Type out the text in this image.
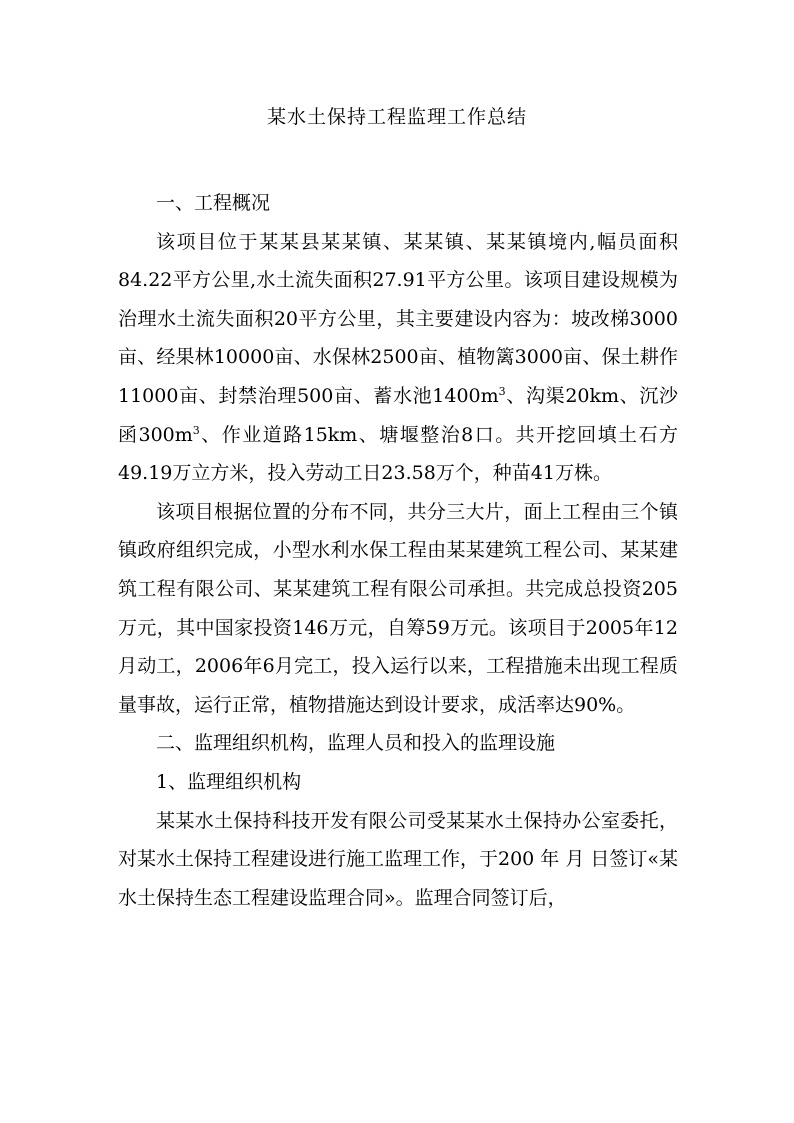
某水土保持工程监理工作总结

一、工程概况

该项目位于某某县某某镇、某某镇、某某镇境内,幅员面积84.22平方公里,水土流失面积27.91平方公里。该项目建设规模为治理水土流失面积20平方公里，其主要建设内容为：坡改梯3000亩、经果林10000亩、水保林2500亩、植物篱3000亩、保土耕作11000亩、封禁治理500亩、蓄水池$1400m^3$、沟渠20km、沉沙函$300m^3$、作业道路15km、塘堰整治8口。共开挖回填土石方49.19万立方米，投入劳动工日23.58万个，种苗41万株。

该项目根据位置的分布不同，共分三大片，面上工程由三个镇镇政府组织完成，小型水利水保工程由某某建筑工程公司、某某建筑工程有限公司、某某建筑工程有限公司承担。共完成总投资205万元，其中国家投资146万元，自筹59万元。该项目于2005年12月动工，2006年6月完工，投入运行以来，工程措施未出现工程质量事故，运行正常，植物措施达到设计要求，成活率达90%。

二、监理组织机构，监理人员和投入的监理设施

1、监理组织机构

某某水土保持科技开发有限公司受某某水土保持办公室委托，对某水土保持工程建设进行施工监理工作，于200 年 月 日签订«某水土保持生态工程建设监理合同»。监理合同签订后，
